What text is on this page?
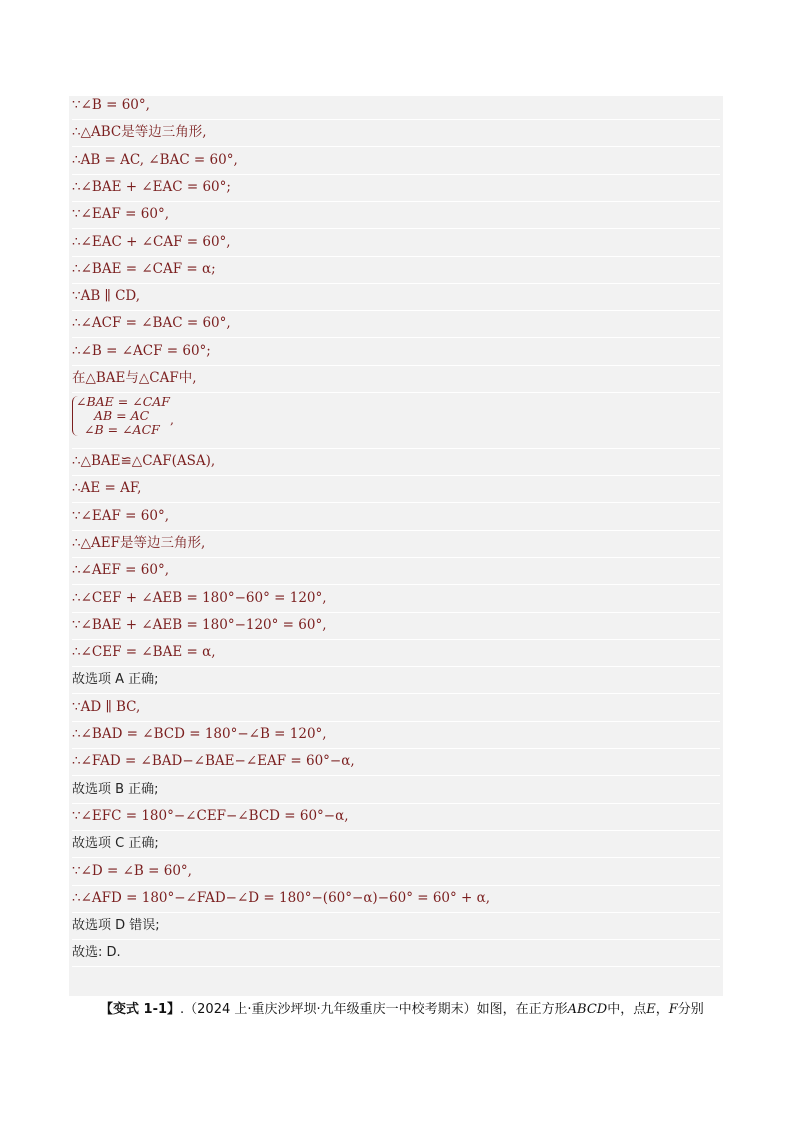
∵∠B = 60°,
∴△ABC是等边三角形,
∴AB = AC, ∠BAC = 60°,
∴∠BAE + ∠EAC = 60°;
∵∠EAF = 60°,
∴∠EAC + ∠CAF = 60°,
∴∠BAE = ∠CAF = α;
∵AB ∥ CD,
∴∠ACF = ∠BAC = 60°,
∴∠B = ∠ACF = 60°;
在△BAE与△CAF中,
∠BAE = ∠CAF
AB = AC
∠B = ∠ACF
,
∴△BAE≌△CAF(ASA),
∴AE = AF,
∵∠EAF = 60°,
∴△AEF是等边三角形,
∴∠AEF = 60°,
∴∠CEF + ∠AEB = 180°−60° = 120°,
∵∠BAE + ∠AEB = 180°−120° = 60°,
∴∠CEF = ∠BAE = α,
故选项 A 正确;
∵AD ∥ BC,
∴∠BAD = ∠BCD = 180°−∠B = 120°,
∴∠FAD = ∠BAD−∠BAE−∠EAF = 60°−α,
故选项 B 正确;
∵∠EFC = 180°−∠CEF−∠BCD = 60°−α,
故选项 C 正确;
∵∠D = ∠B = 60°,
∴∠AFD = 180°−∠FAD−∠D = 180°−(60°−α)−60° = 60° + α,
故选项 D 错误;
故选: D.
【变式 1-1】.（2024 上·重庆沙坪坝·九年级重庆一中校考期末）如图，在正方形ABCD中，点E，F分别
